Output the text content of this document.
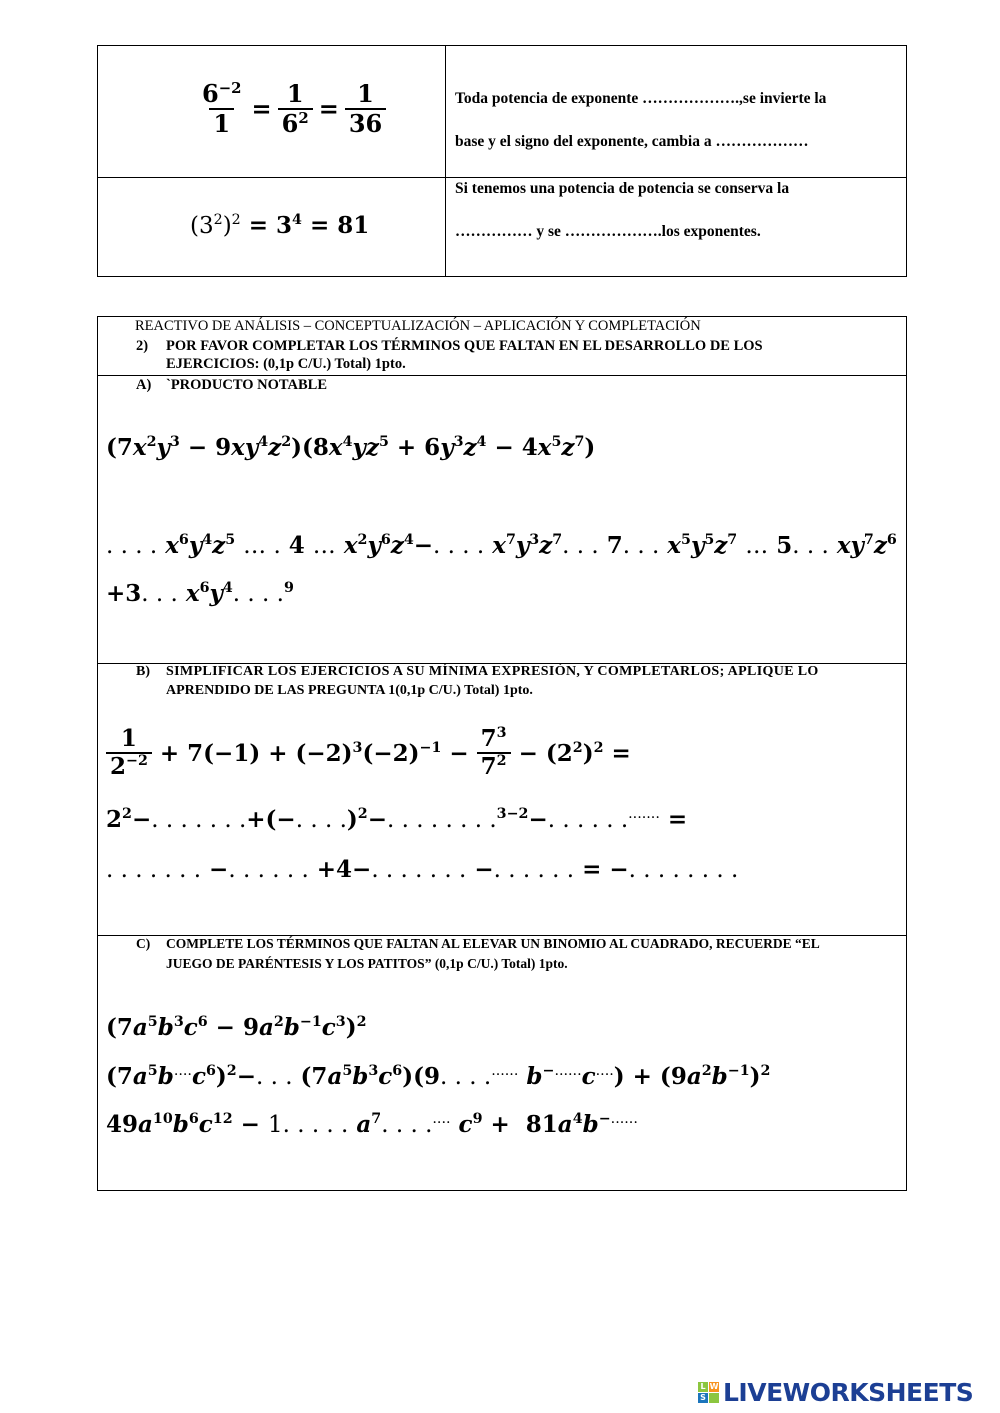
$\frac{6^{-2}}{1} = \frac{1}{6^2} = \frac{1}{36}$	Toda potencia de exponente ……………….,se invierte la
base y el signo del exponente, cambia a ………………
$(3^2)^2 = 3^4 = 81$
Si tenemos una potencia de potencia se conserva la
…………… y se ……………….los exponentes.
REACTIVO DE ANÁLISIS – CONCEPTUALIZACIÓN – APLICACIÓN Y COMPLETACIÓN
2) POR FAVOR COMPLETAR LOS TÉRMINOS QUE FALTAN EN EL DESARROLLO DE LOS
EJERCICIOS: (0,1p C/U.) Total) 1pto.
A) `PRODUCTO NOTABLE
$(7x^2y^3 - 9xy^4z^2)(8x^4yz^5 + 6y^3z^4 - 4x^5z^7)$
. . . . $x^6y^4z^5$ … . 4 … $x^2y^6z^4-$. . . . $x^7y^3z^7$. . . 7. . . $x^5y^5z^7$ … 5. . . $xy^7z^6$
+3. . . $x^6y^4$. . . .$^9$
B) SIMPLIFICAR LOS EJERCICIOS A SU MÍNIMA EXPRESIÓN, Y COMPLETARLOS; APLIQUE LO
APRENDIDO DE LAS PREGUNTA 1(0,1p C/U.) Total) 1pto.
$\frac{1}{2^{-2}} + 7(-1) + (-2)^3(-2)^{-1} - \frac{7^3}{7^2} - (2^2)^2$ =
$2^2-$. . . . . . .+(−. . . .)$^2$−. . . . . . . .$^{3-2}$−. . . . . ........ =
. . . . . . . −. . . . . . +4−. . . . . . . −. . . . . . = −. . . . . . . .
C) COMPLETE LOS TÉRMINOS QUE FALTAN AL ELEVAR UN BINOMIO AL CUADRADO, RECUERDE “EL
JUEGO DE PARÉNTESIS Y LOS PATITOS” (0,1p C/U.) Total) 1pto.
$(7a^5b^3c^6 - 9a^2b^{-1}c^3)^2$
$(7a^5b^{....}c^6)^2-$. . . $(7a^5b^3c^6)(9$. . . ....... $b^{-......}c^{....}) + (9a^2b^{-1})^2$
$49a^{10}b^6c^{12} - 1$. . . . . $a^7$. . . ..... $c^9 + 81a^4b^{-......}$
L W
S LIVEWORKSHEETS
